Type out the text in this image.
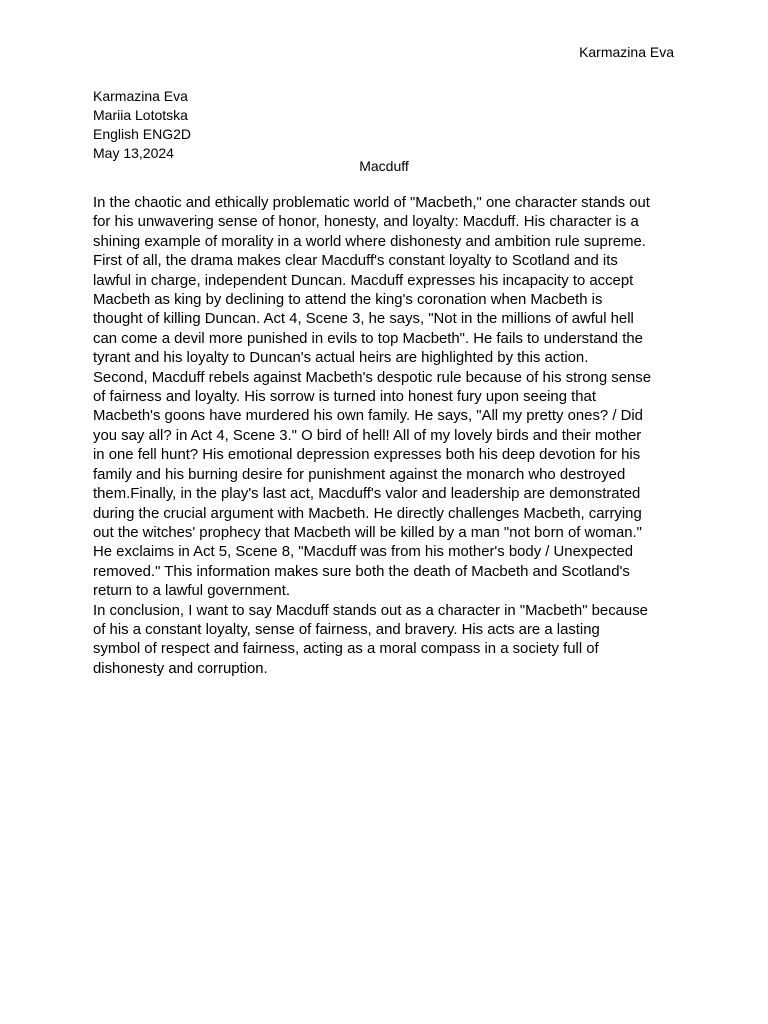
Karmazina Eva
Karmazina Eva
Mariia Lototska
English ENG2D
May 13,2024
Macduff
In the chaotic and ethically problematic world of "Macbeth," one character stands out
for his unwavering sense of honor, honesty, and loyalty: Macduff. His character is a
shining example of morality in a world where dishonesty and ambition rule supreme.
First of all, the drama makes clear Macduff's constant loyalty to Scotland and its
lawful in charge, independent Duncan. Macduff expresses his incapacity to accept
Macbeth as king by declining to attend the king's coronation when Macbeth is
thought of killing Duncan. Act 4, Scene 3, he says, "Not in the millions of awful hell
can come a devil more punished in evils to top Macbeth". He fails to understand the
tyrant and his loyalty to Duncan's actual heirs are highlighted by this action.
Second, Macduff rebels against Macbeth's despotic rule because of his strong sense
of fairness and loyalty. His sorrow is turned into honest fury upon seeing that
Macbeth's goons have murdered his own family. He says, "All my pretty ones? / Did
you say all? in Act 4, Scene 3." O bird of hell! All of my lovely birds and their mother
in one fell hunt? His emotional depression expresses both his deep devotion for his
family and his burning desire for punishment against the monarch who destroyed
them.Finally, in the play's last act, Macduff's valor and leadership are demonstrated
during the crucial argument with Macbeth. He directly challenges Macbeth, carrying
out the witches' prophecy that Macbeth will be killed by a man "not born of woman."
He exclaims in Act 5, Scene 8, "Macduff was from his mother's body / Unexpected
removed." This information makes sure both the death of Macbeth and Scotland's
return to a lawful government.
In conclusion, I want to say Macduff stands out as a character in "Macbeth" because
of his a constant loyalty, sense of fairness, and bravery. His acts are a lasting
symbol of respect and fairness, acting as a moral compass in a society full of
dishonesty and corruption.
